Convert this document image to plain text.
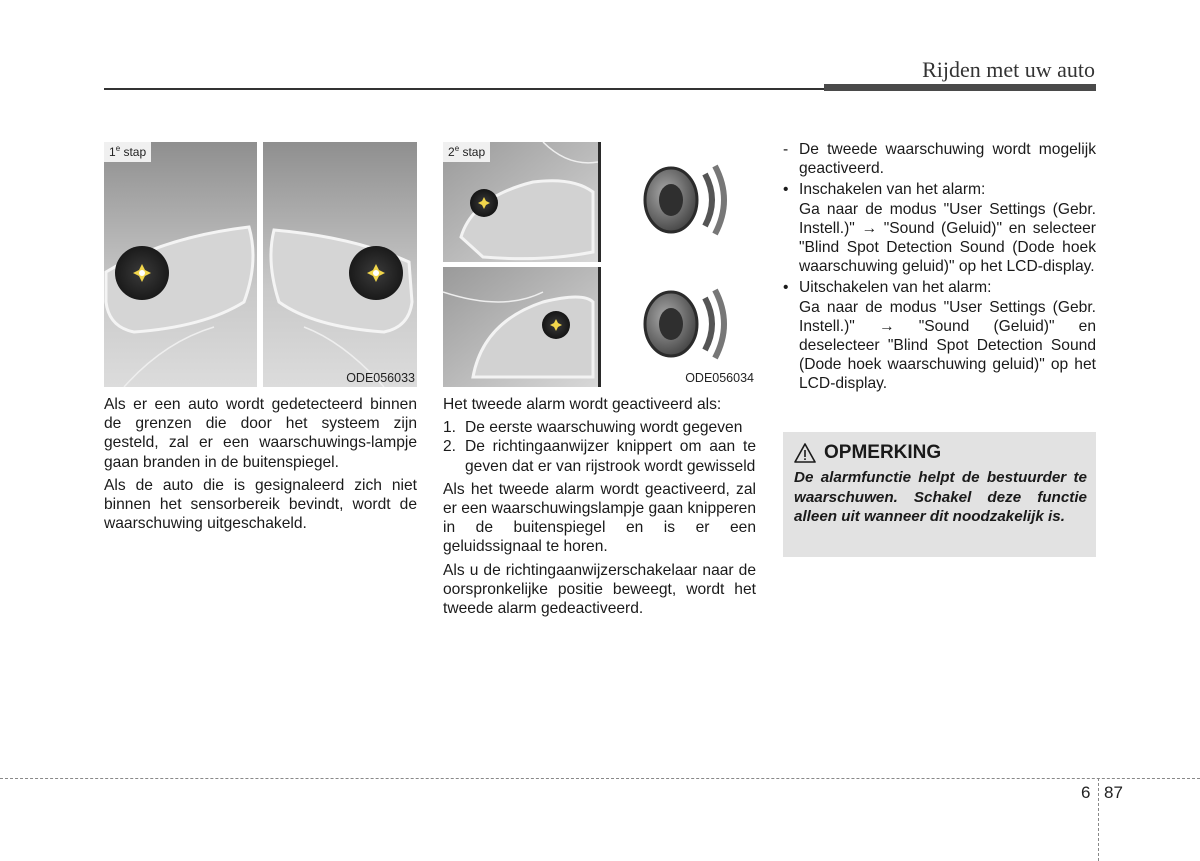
Rijden met uw auto
1e stap
ODE056033
2e stap
ODE056034

Als er een auto wordt gedetecteerd binnen de grenzen die door het systeem zijn gesteld, zal er een waarschuwings-lampje gaan branden in de buitenspiegel.

Als de auto die is gesignaleerd zich niet binnen het sensorbereik bevindt, wordt de waarschuwing uitgeschakeld.

Het tweede alarm wordt geactiveerd als:

1. De eerste waarschuwing wordt gegeven
2. De richtingaanwijzer knippert om aan te geven dat er van rijstrook wordt gewisseld

Als het tweede alarm wordt geactiveerd, zal er een waarschuwingslampje gaan knipperen in de buitenspiegel en is er een geluidssignaal te horen.

Als u de richtingaanwijzerschakelaar naar de oorspronkelijke positie beweegt, wordt het tweede alarm gedeactiveerd.

- De tweede waarschuwing wordt mogelijk geactiveerd.
• Inschakelen van het alarm:
Ga naar de modus "User Settings (Gebr. Instell.)" → "Sound (Geluid)" en selecteer "Blind Spot Detection Sound (Dode hoek waarschuwing geluid)" op het LCD-display.
• Uitschakelen van het alarm:
Ga naar de modus "User Settings (Gebr. Instell.)" → "Sound (Geluid)" en deselecteer "Blind Spot Detection Sound (Dode hoek waarschuwing geluid)" op het LCD-display.
OPMERKING
De alarmfunctie helpt de bestuurder te waarschuwen. Schakel deze functie alleen uit wanneer dit noodzakelijk is.
6 87
